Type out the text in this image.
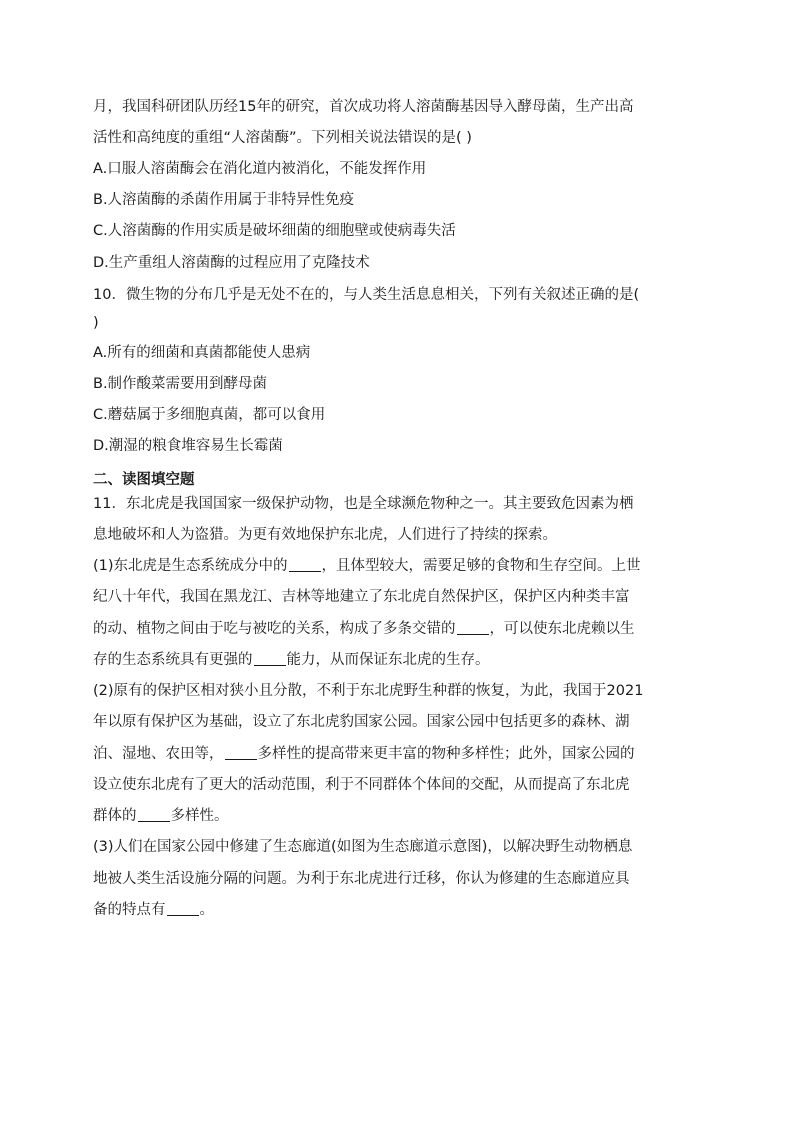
月，我国科研团队历经15年的研究，首次成功将人溶菌酶基因导入酵母菌，生产出高
活性和高纯度的重组“人溶菌酶”。下列相关说法错误的是( )
A.口服人溶菌酶会在消化道内被消化，不能发挥作用
B.人溶菌酶的杀菌作用属于非特异性免疫
C.人溶菌酶的作用实质是破坏细菌的细胞壁或使病毒失活
D.生产重组人溶菌酶的过程应用了克隆技术
10．微生物的分布几乎是无处不在的，与人类生活息息相关，下列有关叙述正确的是(
)
A.所有的细菌和真菌都能使人患病
B.制作酸菜需要用到酵母菌
C.蘑菇属于多细胞真菌，都可以食用
D.潮湿的粮食堆容易生长霉菌
二、读图填空题
11．东北虎是我国国家一级保护动物，也是全球濒危物种之一。其主要致危因素为栖
息地破坏和人为盗猎。为更有效地保护东北虎，人们进行了持续的探索。
(1)东北虎是生态系统成分中的 ，且体型较大，需要足够的食物和生存空间。上世
纪八十年代，我国在黑龙江、吉林等地建立了东北虎自然保护区，保护区内种类丰富
的动、植物之间由于吃与被吃的关系，构成了多条交错的 ，可以使东北虎赖以生
存的生态系统具有更强的 能力，从而保证东北虎的生存。
(2)原有的保护区相对狭小且分散，不利于东北虎野生种群的恢复，为此，我国于2021
年以原有保护区为基础，设立了东北虎豹国家公园。国家公园中包括更多的森林、湖
泊、湿地、农田等， 多样性的提高带来更丰富的物种多样性；此外，国家公园的
设立使东北虎有了更大的活动范围，利于不同群体个体间的交配，从而提高了东北虎
群体的 多样性。
(3)人们在国家公园中修建了生态廊道(如图为生态廊道示意图)，以解决野生动物栖息
地被人类生活设施分隔的问题。为利于东北虎进行迁移，你认为修建的生态廊道应具
备的特点有 。
